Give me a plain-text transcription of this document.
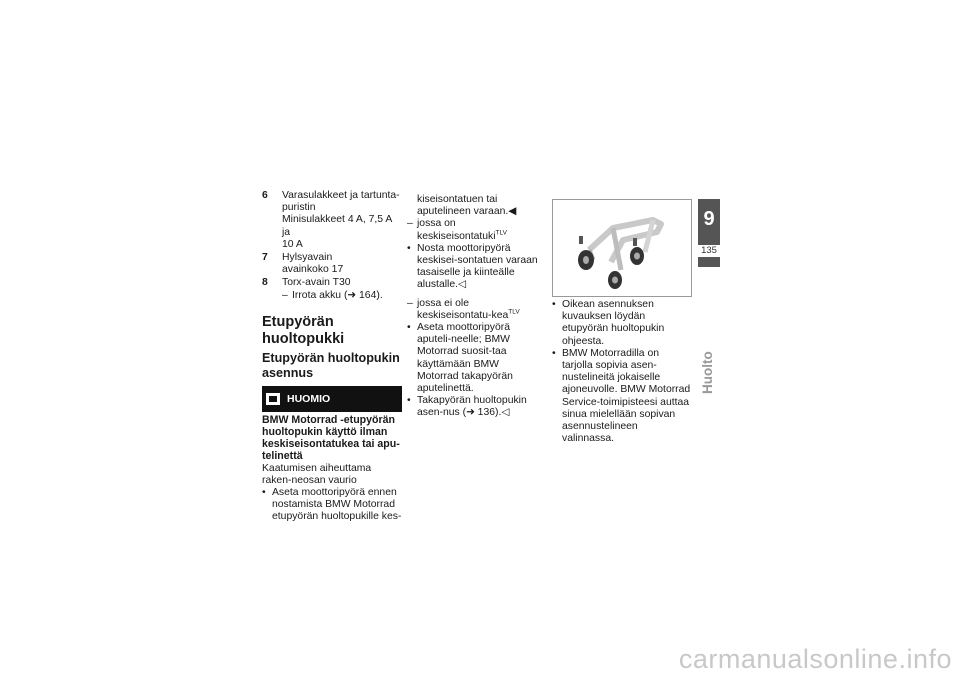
6 Varasulakkeet ja tartunta-
puristin
Minisulakkeet 4 A, 7,5 A ja
10 A
7 Hylsyavain
avainkoko 17
8 Torx-avain T30
– Irrota akku (➜ 164).
Etupyörän huoltopukki
Etupyörän huoltopukin asennus
HUOMIO
BMW Motorrad -etupyörän huoltopukin käyttö ilman keskiseisontatukea tai apu-telinettä
Kaatumisen aiheuttama raken-neosan vaurio
• Aseta moottoripyörä ennen nostamista BMW Motorrad etupyörän huoltopukille kes-
kiseisontatuen tai aputelineen varaan.◀
– jossa on keskiseisontatuki$^{TLV}$
• Nosta moottoripyörä keskisei-sontatuen varaan tasaiselle ja kiinteälle alustalle.◁
– jossa ei ole keskiseisontatu-kea$^{TLV}$
• Aseta moottoripyörä aputeli-neelle; BMW Motorrad suosit-taa käyttämään BMW Motorrad takapyörän aputelinettä.
• Takapyörän huoltopukin asen-nus (➜ 136).◁
• Oikean asennuksen kuvauksen löydän etupyörän huoltopukin ohjeesta.
• BMW Motorradilla on tarjolla sopivia asen-nustelineitä jokaiselle ajoneuvolle. BMW Motorrad Service-toimipisteesi auttaa sinua mielellään sopivan asennustelineen valinnassa.
9
135
Huolto
carmanualsonline.info
